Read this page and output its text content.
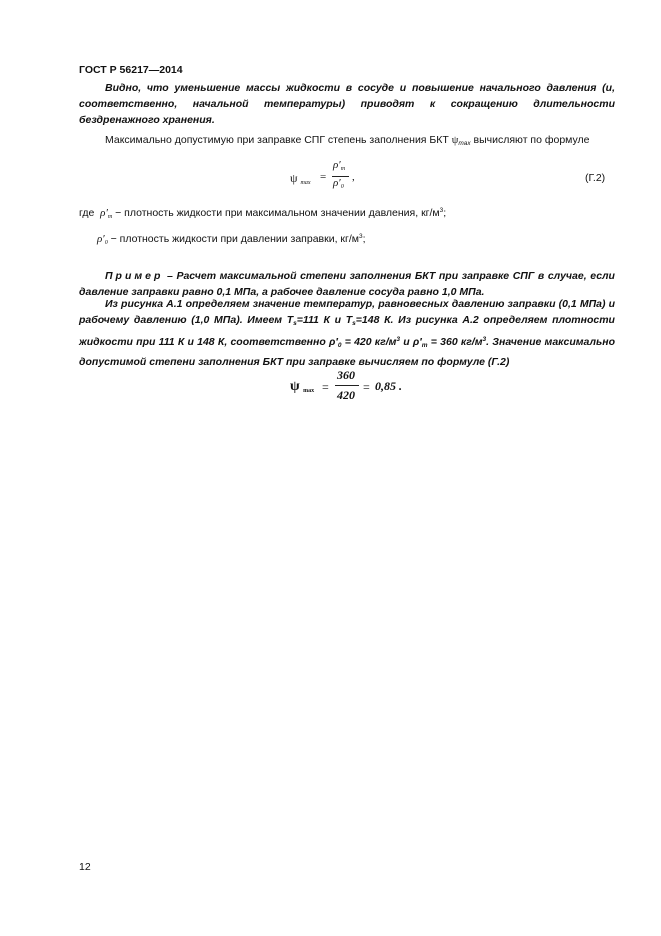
ГОСТ Р 56217—2014
Видно, что уменьшение массы жидкости в сосуде и повышение начального давления (и, соответственно, начальной температуры) приводят к сокращению длительности бездренажного хранения.
Максимально допустимую при заправке СПГ степень заполнения БКТ ψmax вычисляют по формуле
ψ $_{max}$ =
$\rho'_m$
$\rho'_0$
,	(Г.2)
где ρ′m − плотность жидкости при максимальном значении давления, $кг/м^3$;
ρ′0 − плотность жидкости при давлении заправки, $кг/м^3$;
Пример – Расчет максимальной степени заполнения БКТ при заправке СПГ в случае, если давление заправки равно 0,1 МПа, а рабочее давление сосуда равно 1,0 МПа.
Из рисунка А.1 определяем значение температур, равновесных давлению заправки (0,1 МПа) и рабочему давлению (1,0 МПа). Имеем Ts=111 К и Ts=148 К. Из рисунка А.2 определяем плотности жидкости при 111 К и 148 К, соответственно ρ′0 = 420 $кг/м^3$ и ρ′m = 360 $кг/м^3$. Значение максимально допустимой степени заполнения БКТ при заправке вычисляем по формуле (Г.2)
ψ $_{max}$ =
360
420
= 0,85 .
12
